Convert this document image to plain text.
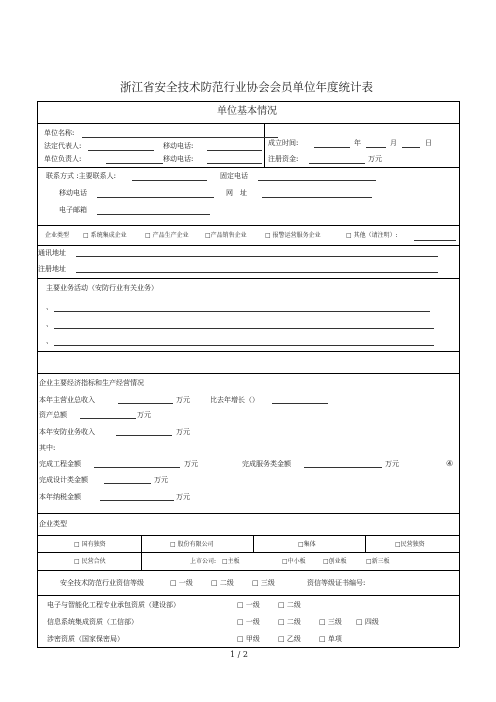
浙江省安全技术防范行业协会会员单位年度统计表
单位基本情况
单位名称:
法定代表人:	移动电话:
单位负责人:	移动电话:
成立时间:	年	月	日
注册资金:	万元
联系方式 :主要联系人:	固定电话
移动电话	网　址
电子邮箱
企业类型 □ 系统集成企业	□ 产品生产企业	□产品销售企业	□ 报警运营服务企业	□ 其他（请注明）:
通讯地址
注册地址
主要业务活动（安防行业有关业务）
、
、
、
企业主要经济指标和生产经营情况
本年主营业总收入	万元	比去年增长（）
资产总额	万元
本年安防业务收入	万元
其中:
完成工程金额	万元	完成服务类金额	万元	④
完成设计类金额	万元
本年纳税金额	万元
企业类型
□ 国有独资	□ 股份有限公司	□集体	□民营独资
□ 民营合伙	上市公司: □主板	□中小板	□创业板	□新三板
安全技术防范行业资信等级	□ 一级	□ 二级	□ 三级	资信等级证书编号:
电子与智能化工程专业承包资质（建设部）	□ 一级	□ 二级
信息系统集成资质（工信部）	□ 一级	□ 二级	□ 三级 □ 四级
涉密资质（国家保密局）	□ 甲级	□ 乙级	□ 单项
1 / 2
